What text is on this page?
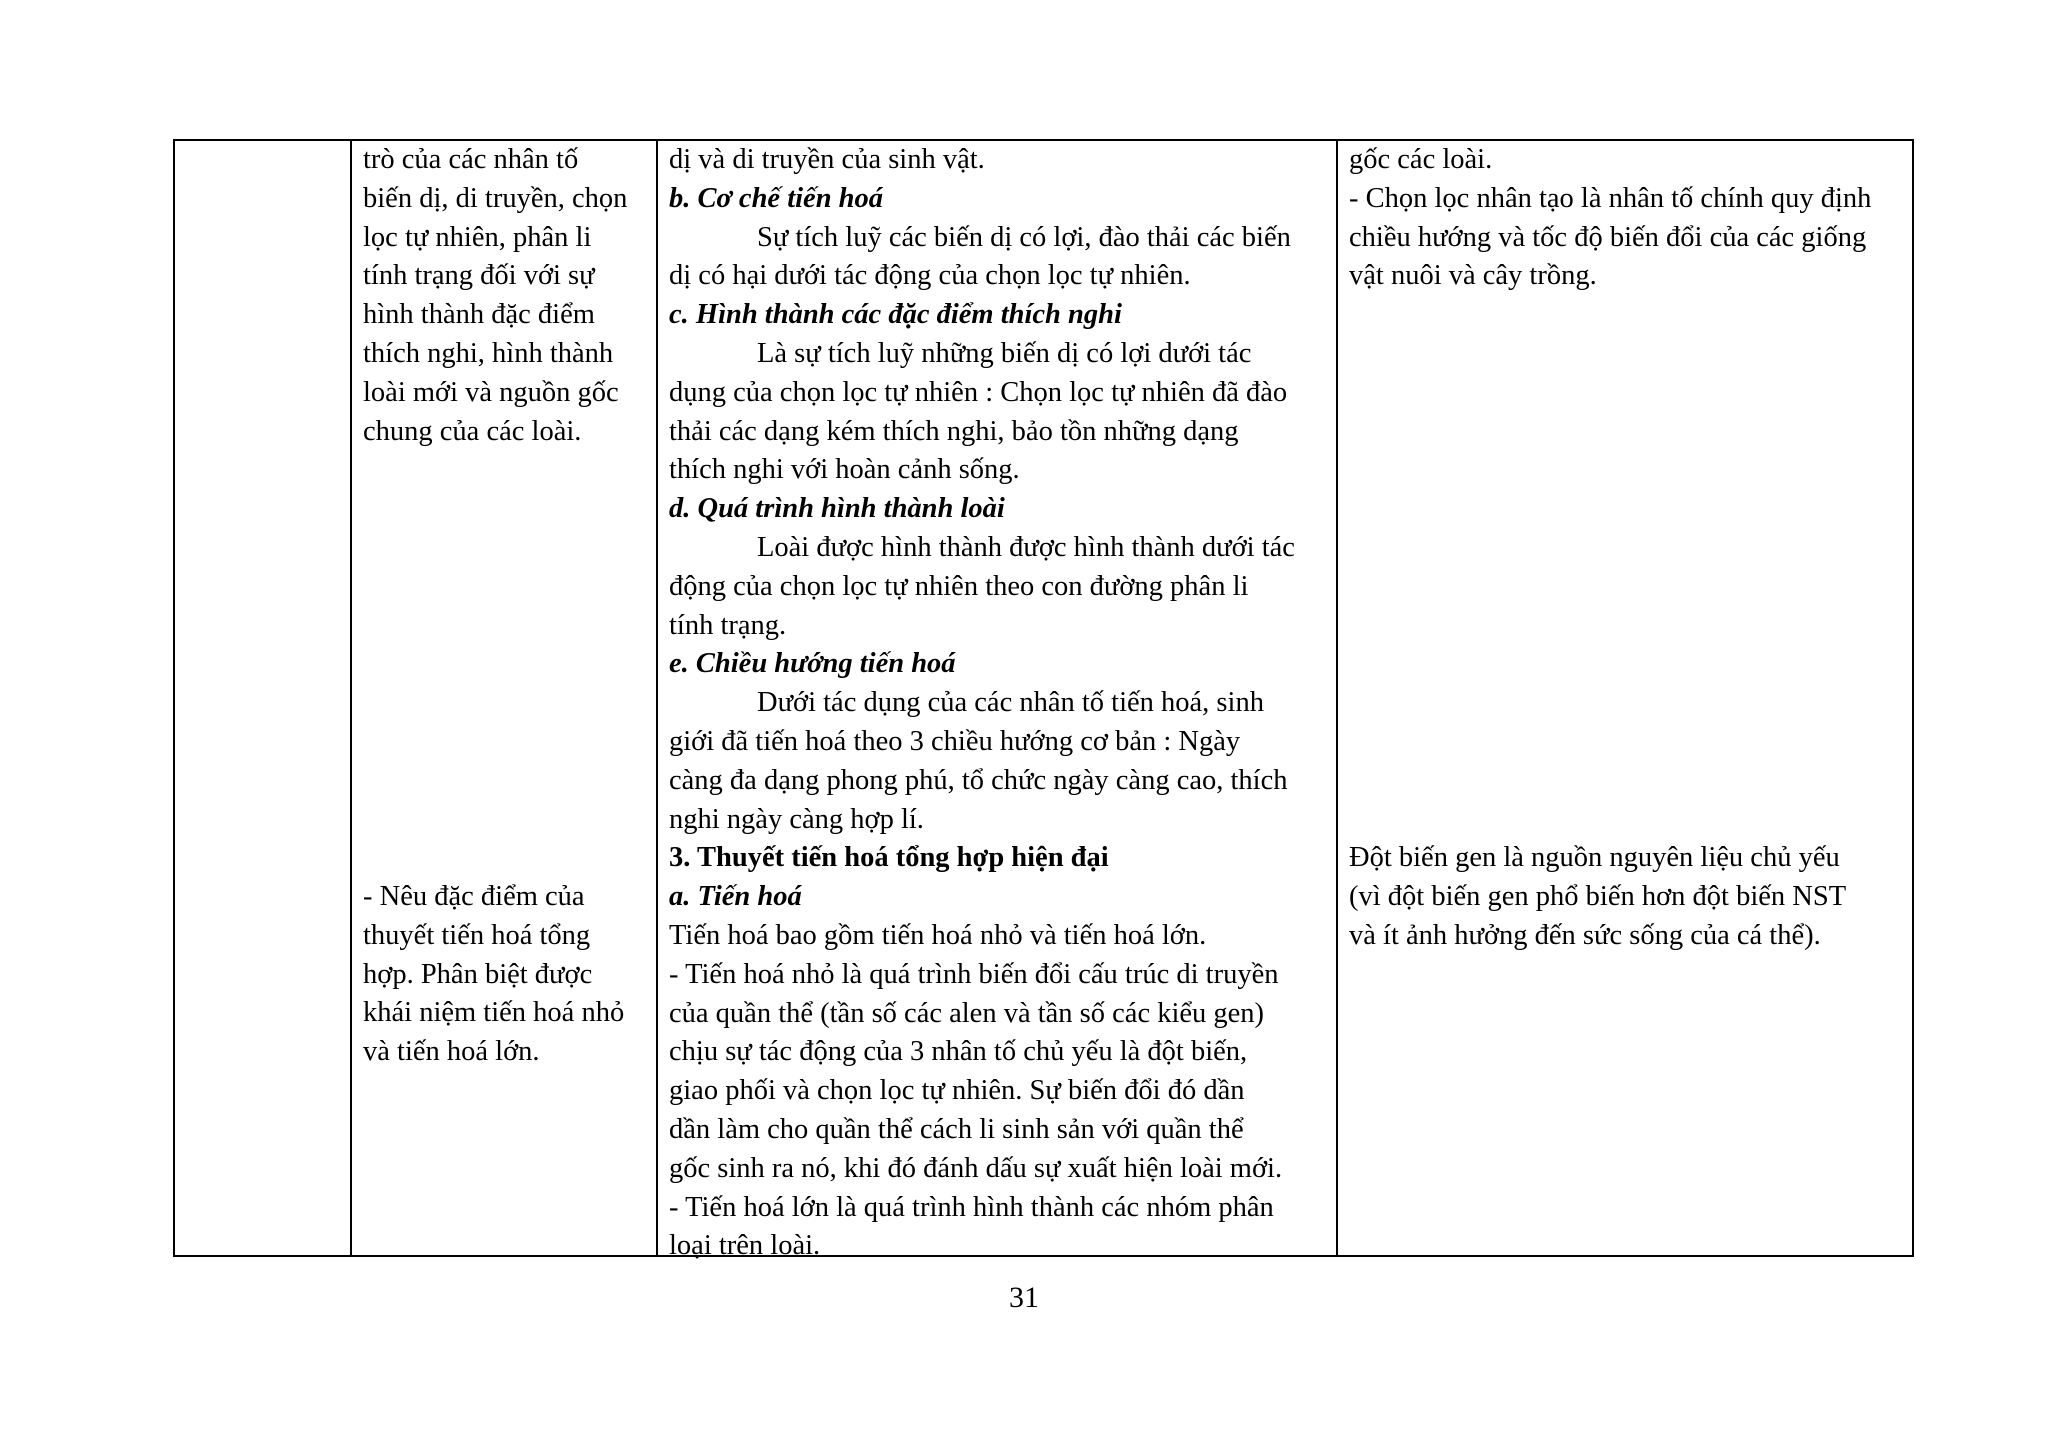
trò của các nhân tố
biến dị, di truyền, chọn
lọc tự nhiên, phân li
tính trạng đối với sự
hình thành đặc điểm
thích nghi, hình thành
loài mới và nguồn gốc
chung của các loài.
- Nêu đặc điểm của
thuyết tiến hoá tổng
hợp. Phân biệt được
khái niệm tiến hoá nhỏ
và tiến hoá lớn.
dị và di truyền của sinh vật.
b. Cơ chế tiến hoá
Sự tích luỹ các biến dị có lợi, đào thải các biến
dị có hại dưới tác động của chọn lọc tự nhiên.
c. Hình thành các đặc điểm thích nghi
Là sự tích luỹ những biến dị có lợi dưới tác
dụng của chọn lọc tự nhiên : Chọn lọc tự nhiên đã đào
thải các dạng kém thích nghi, bảo tồn những dạng
thích nghi với hoàn cảnh sống.
d. Quá trình hình thành loài
Loài được hình thành được hình thành dưới tác
động của chọn lọc tự nhiên theo con đường phân li
tính trạng.
e. Chiều hướng tiến hoá
Dưới tác dụng của các nhân tố tiến hoá, sinh
giới đã tiến hoá theo 3 chiều hướng cơ bản : Ngày
càng đa dạng phong phú, tổ chức ngày càng cao, thích
nghi ngày càng hợp lí.
3. Thuyết tiến hoá tổng hợp hiện đại
a. Tiến hoá
Tiến hoá bao gồm tiến hoá nhỏ và tiến hoá lớn.
- Tiến hoá nhỏ là quá trình biến đổi cấu trúc di truyền
của quần thể (tần số các alen và tần số các kiểu gen)
chịu sự tác động của 3 nhân tố chủ yếu là đột biến,
giao phối và chọn lọc tự nhiên. Sự biến đổi đó dần
dần làm cho quần thể cách li sinh sản với quần thể
gốc sinh ra nó, khi đó đánh dấu sự xuất hiện loài mới.
- Tiến hoá lớn là quá trình hình thành các nhóm phân
loại trên loài.
gốc các loài.
- Chọn lọc nhân tạo là nhân tố chính quy định
chiều hướng và tốc độ biến đổi của các giống
vật nuôi và cây trồng.
Đột biến gen là nguồn nguyên liệu chủ yếu
(vì đột biến gen phổ biến hơn đột biến NST
và ít ảnh hưởng đến sức sống của cá thể).
31
